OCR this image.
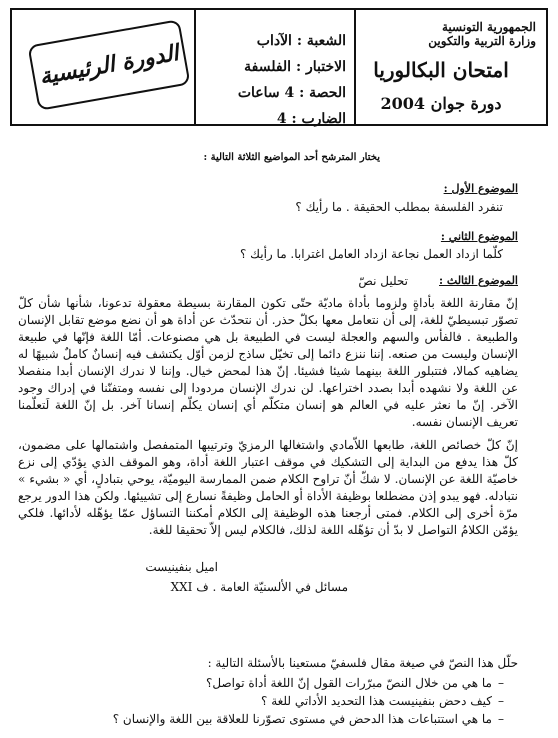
الجمهورية التونسية
وزارة التربية والتكوين
امتحان البكالوريا
دورة جوان 2004
الشعبة : الآداب
الاختبار : الفلسفة
الحصة : 4 ساعات
الضارب : 4
الدورة الرئيسية
يختار المترشح أحد المواضيع الثلاثة التالية :
الموضوع الأول :
تنفرد الفلسفة بمطلب الحقيقة . ما رأيك ؟
الموضوع الثاني :
كلّما ازداد العمل نجاعة ازداد العامل اغترابا. ما رأيك ؟
الموضوع الثالث :
تحليل نصّ

إنّ مقارنة اللغة بأداةٍ ولزوما بأداة ماديّة حتّى تكون المقارنة بسيطة معقولة تدعونا، شأنها شأن كلّ تصوّر تبسيطيّ للغة، إلى أن نتعامل معها بكلّ حذر. أن نتحدّث عن أداة هو أن نضع موضع تقابل الإنسان والطبيعة . فالفأس والسهم والعجلة ليست في الطبيعة بل هي مصنوعات. أمّا اللغة فإنّها في طبيعة الإنسان وليست من صنعه. إننا ننزع دائما إلى تخيّل ساذج لزمن أوّل يكتشف فيه إنسانٌ كاملٌ شبيهًا له يضاهيه كمالا، فتتبلور اللغة بينهما شيئا فشيئا. إنّ هذا لمحض خيال. وإننا لا ندرك الإنسان أبدا منفصلا عن اللغة ولا نشهده أبدا بصدد اختراعها. لن ندرك الإنسان مردودا إلى نفسه ومتفنّنا في إدراك وجود الآخر. إنّ ما نعثر عليه في العالم هو إنسان متكلّم أي إنسان يكلّم إنسانا آخر. بل إنّ اللغة لَتعلّمنا تعريف الإنسان نفسه.

إنّ كلّ خصائص اللغة، طابعها اللاّمادي واشتغالها الرمزيّ وترتيبها المتمفصل واشتمالها على مضمون، كلّ هذا يدفع من البداية إلى التشكيك في موقف اعتبار اللغة أداة، وهو الموقف الذي يؤدّي إلى نزع خاصيّة اللغة عن الإنسان. لا شكّ أنّ تراوح الكلام ضمن الممارسة اليوميّة، يوحي بتبادلٍ، أي « بشيء » نتبادله. فهو يبدو إذن مضطلعا بوظيفة الأداة أو الحامل وظيفةً نسارع إلى تشييئها. ولكن هذا الدور يرجع مرّة أخرى إلى الكلام. فمتى أرجعنا هذه الوظيفة إلى الكلام أمكننا التساؤل عمّا يؤهّله لأدائها. فلكي يؤمّن الكلامُ التواصل لا بدّ أن تؤهّله اللغة لذلك، فالكلام ليس إلاّ تحقيقا للغة.

اميل بنفينيست
مسائل في الألسنيّة العامة . ف XXI
حلّل هذا النصّ في صيغة مقال فلسفيّ مستعينا بالأسئلة التالية :
– ما هي من خلال النصّ مبرّرات القول إنّ اللغة أداة تواصل؟
– كيف دحض بنفينيست هذا التحديد الأداتي للغة ؟
– ما هي استتباعات هذا الدحض في مستوى تصوّرنا للعلاقة بين اللغة والإنسان ؟
